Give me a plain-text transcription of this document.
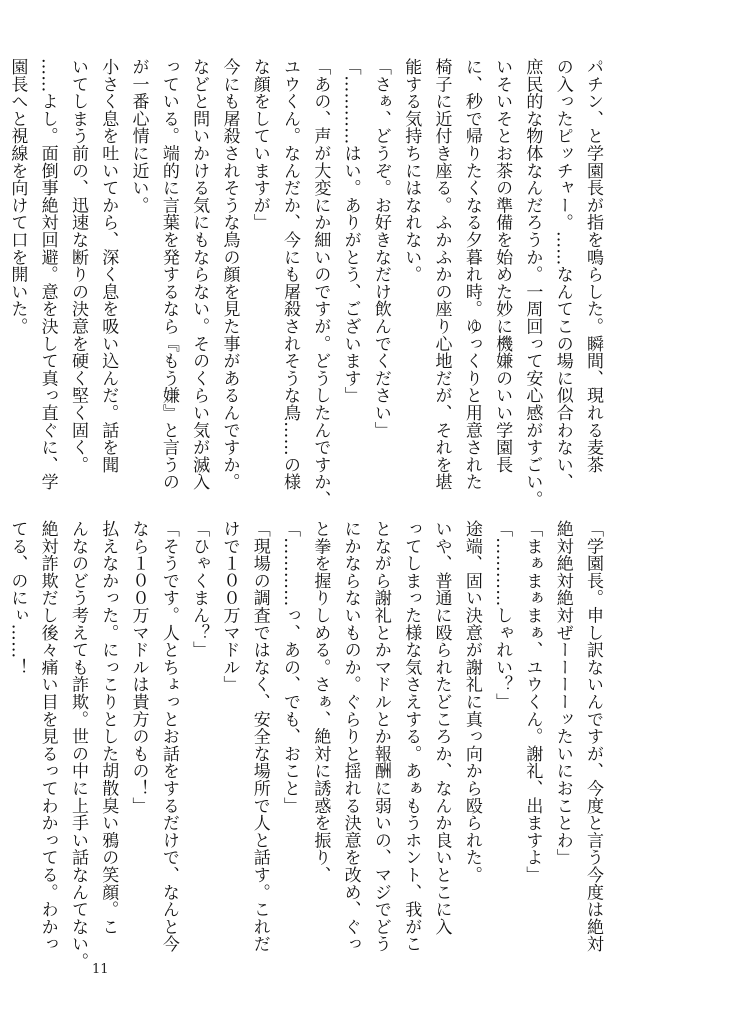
パチン、と学園長が指を鳴らした。瞬間、現れる麦茶
の入ったピッチャー。……なんてこの場に似合わない、
庶民的な物体なんだろうか。一周回って安心感がすごい。
いそいそとお茶の準備を始めた妙に機嫌のいい学園長
に、秒で帰りたくなる夕暮れ時。ゆっくりと用意された
椅子に近付き座る。ふかふかの座り心地だが、それを堪
能する気持ちにはなれない。
「さぁ、どうぞ。お好きなだけ飲んでください」
「…………はい。ありがとう、ございます」
「あの、声が大変にか細いのですが。どうしたんですか、
ユウくん。なんだか、今にも屠殺されそうな鳥……の様
な顔をしていますが」
今にも屠殺されそうな鳥の顔を見た事があるんですか。
などと問いかける気にもならない。そのくらい気が滅入
っている。端的に言葉を発するなら『もう嫌』と言うの
が一番心情に近い。
小さく息を吐いてから、深く息を吸い込んだ。話を聞
いてしまう前の、迅速な断りの決意を硬く堅く固く。
……よし。面倒事絶対回避。意を決して真っ直ぐに、学
園長へと視線を向けて口を開いた。
「学園長。申し訳ないんですが、今度と言う今度は絶対
絶対絶対絶対ぜーーーーッたいにおことわ」
「まぁまぁまぁ、ユウくん。謝礼、出ますよ」
「…………しゃれい？」
途端、固い決意が謝礼に真っ向から殴られた。
いや、普通に殴られたどころか、なんか良いとこに入
ってしまった様な気さえする。あぁもうホント、我がこ
とながら謝礼とかマドルとか報酬に弱いの、マジでどう
にかならないものか。ぐらりと揺れる決意を改め、ぐっ
と拳を握りしめる。さぁ、絶対に誘惑を振り、
「…………っ、あの、でも、おこと」
「現場の調査ではなく、安全な場所で人と話す。これだ
けで１００万マドル」
「ひゃくまん？」
「そうです。人とちょっとお話をするだけで、なんと今
なら１００万マドルは貴方のもの！」
払えなかった。にっこりとした胡散臭い鴉の笑顔。こ
んなのどう考えても詐欺。世の中に上手い話なんてない。
絶対詐欺だし後々痛い目を見るってわかってる。わかっ
てる、のにぃ……！
11
